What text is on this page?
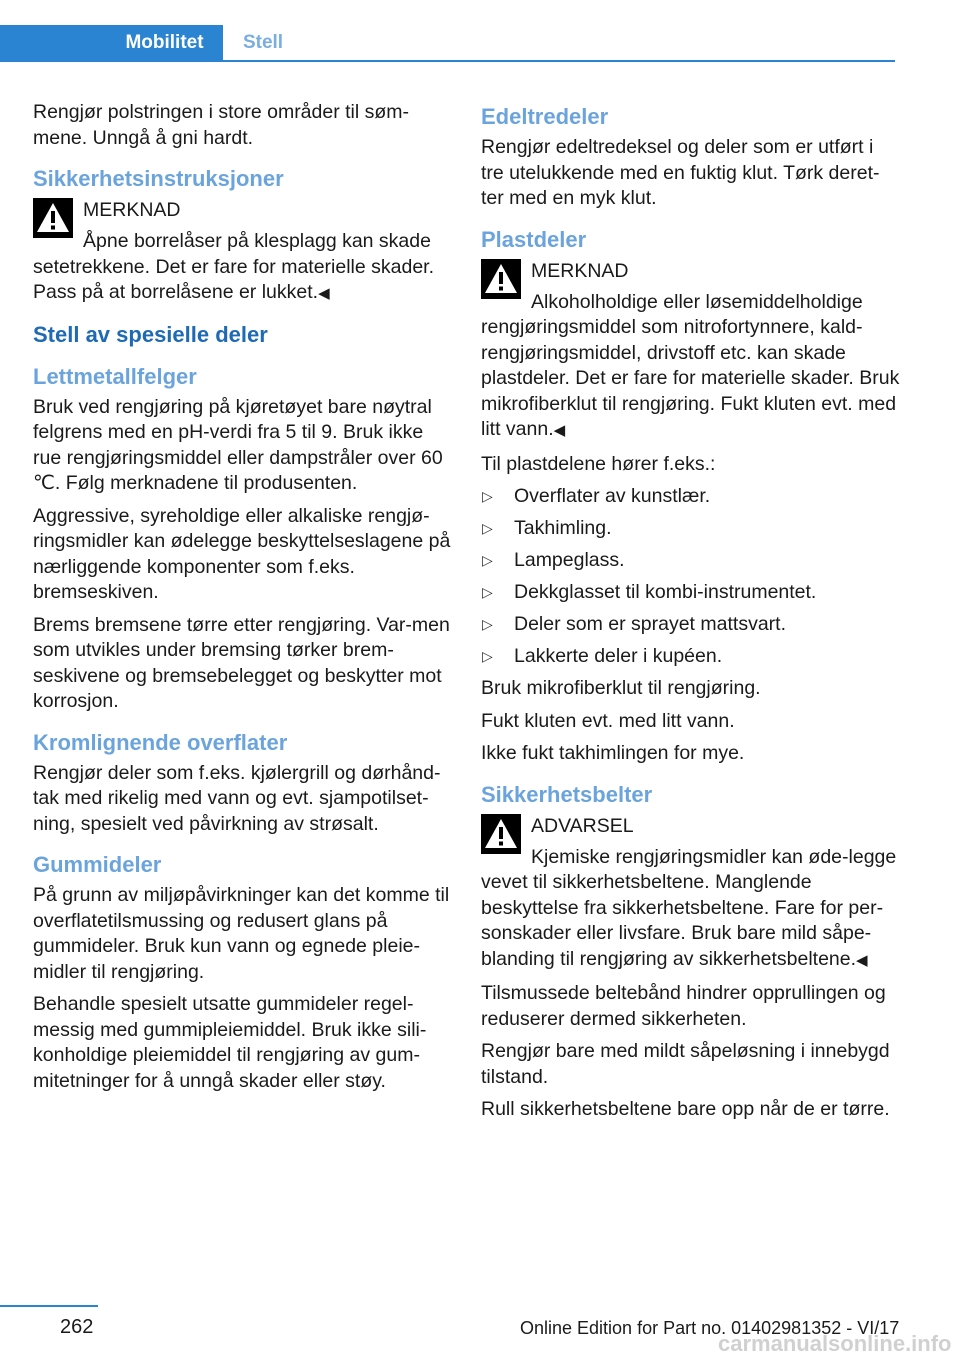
Mobilitet	Stell

Rengjør polstringen i store områder til søm‐mene. Unngå å gni hardt.

Sikkerhetsinstruksjoner
MERKNAD
Åpne borrelåser på klesplagg kan skade setetrekkene. Det er fare for materielle skader. Pass på at borrelåsene er lukket.◀
Stell av spesielle deler
Lettmetallfelger

Bruk ved rengjøring på kjøretøyet bare nøytral felgrens med en pH-verdi fra 5 til 9. Bruk ikke rue rengjøringsmiddel eller dampstråler over 60 ℃. Følg merknadene til produsenten.

Aggressive, syreholdige eller alkaliske rengjø‐ringsmidler kan ødelegge beskyttelseslagene på nærliggende komponenter som f.eks. bremseskiven.

Brems bremsene tørre etter rengjøring. Var‐men som utvikles under bremsing tørker brem‐seskivene og bremsebelegget og beskytter mot korrosjon.

Kromlignende overflater

Rengjør deler som f.eks. kjølergrill og dørhånd‐tak med rikelig med vann og evt. sjampotilset‐ning, spesielt ved påvirkning av strøsalt.

Gummideler

På grunn av miljøpåvirkninger kan det komme til overflatetilsmussing og redusert glans på gummideler. Bruk kun vann og egnede pleie‐midler til rengjøring.

Behandle spesielt utsatte gummideler regel‐messig med gummipleiemiddel. Bruk ikke sili‐konholdige pleiemiddel til rengjøring av gum‐mitetninger for å unngå skader eller støy.

Edeltredeler

Rengjør edeltredeksel og deler som er utført i tre utelukkende med en fuktig klut. Tørk deret‐ter med en myk klut.

Plastdeler
MERKNAD
Alkoholholdige eller løsemiddelholdige rengjøringsmiddel som nitrofortynnere, kald‐rengjøringsmiddel, drivstoff etc. kan skade plastdeler. Det er fare for materielle skader. Bruk mikrofiberklut til rengjøring. Fukt kluten evt. med litt vann.◀

Til plastdelene hører f.eks.:

▷ Overflater av kunstlær.
▷ Takhimling.
▷ Lampeglass.
▷ Dekkglasset til kombi-instrumentet.
▷ Deler som er sprayet mattsvart.
▷ Lakkerte deler i kupéen.

Bruk mikrofiberklut til rengjøring.

Fukt kluten evt. med litt vann.

Ikke fukt takhimlingen for mye.

Sikkerhetsbelter
ADVARSEL
Kjemiske rengjøringsmidler kan øde‐legge vevet til sikkerhetsbeltene. Manglende beskyttelse fra sikkerhetsbeltene. Fare for per‐sonskader eller livsfare. Bruk bare mild såpe‐blanding til rengjøring av sikkerhetsbeltene.◀

Tilsmussede beltebånd hindrer opprullingen og reduserer dermed sikkerheten.

Rengjør bare med mildt såpeløsning i innebygd tilstand.

Rull sikkerhetsbeltene bare opp når de er tørre.

262	Online Edition for Part no. 01402981352 - VI/17
carmanualsonline.info
